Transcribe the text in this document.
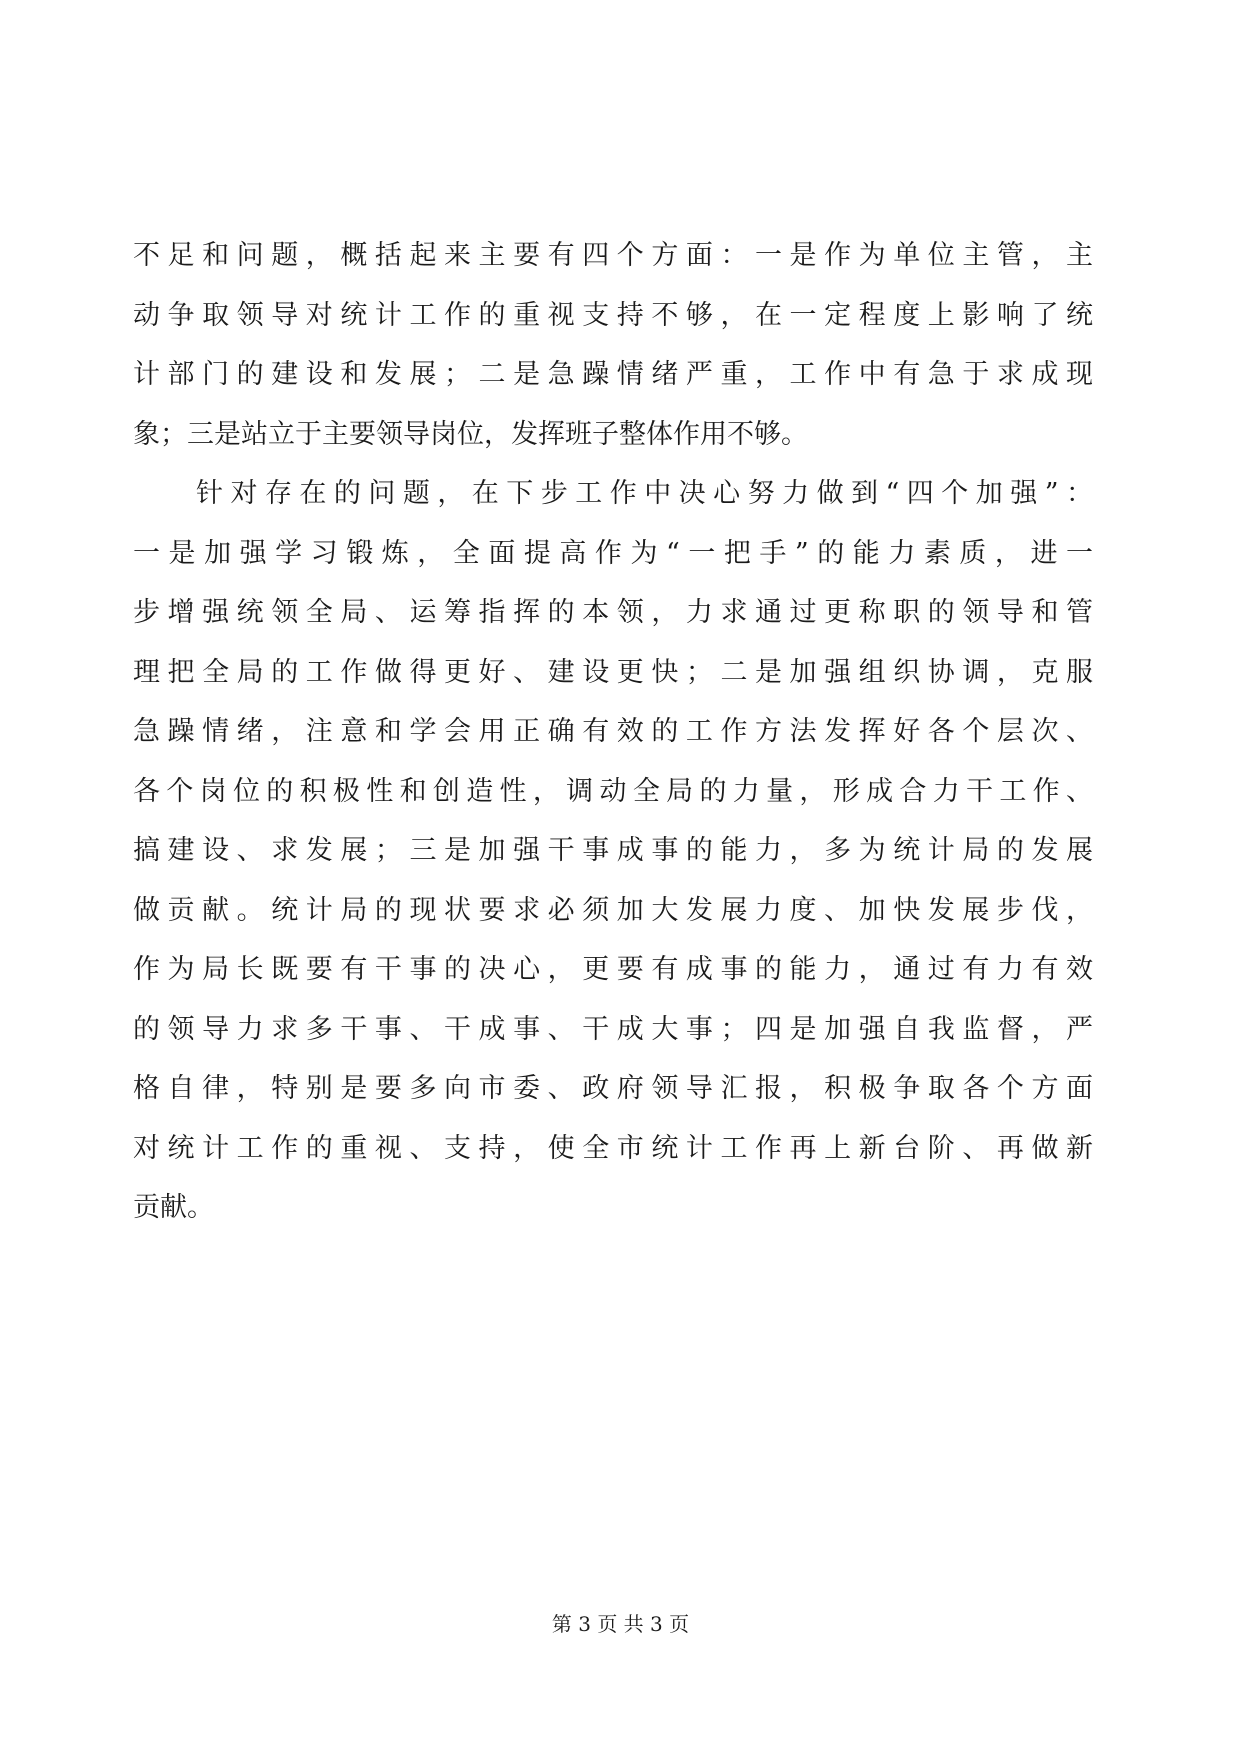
不足和问题，概括起来主要有四个方面：一是作为单位主管，主
动争取领导对统计工作的重视支持不够，在一定程度上影响了统
计部门的建设和发展；二是急躁情绪严重，工作中有急于求成现
象；三是站立于主要领导岗位，发挥班子整体作用不够。
针对存在的问题，在下步工作中决心努力做到“四个加强”：
一是加强学习锻炼，全面提高作为“一把手”的能力素质，进一
步增强统领全局、运筹指挥的本领，力求通过更称职的领导和管
理把全局的工作做得更好、建设更快；二是加强组织协调，克服
急躁情绪，注意和学会用正确有效的工作方法发挥好各个层次、
各个岗位的积极性和创造性，调动全局的力量，形成合力干工作、
搞建设、求发展；三是加强干事成事的能力，多为统计局的发展
做贡献。统计局的现状要求必须加大发展力度、加快发展步伐，
作为局长既要有干事的决心，更要有成事的能力，通过有力有效
的领导力求多干事、干成事、干成大事；四是加强自我监督，严
格自律，特别是要多向市委、政府领导汇报，积极争取各个方面
对统计工作的重视、支持，使全市统计工作再上新台阶、再做新
贡献。
第 3 页 共 3 页
